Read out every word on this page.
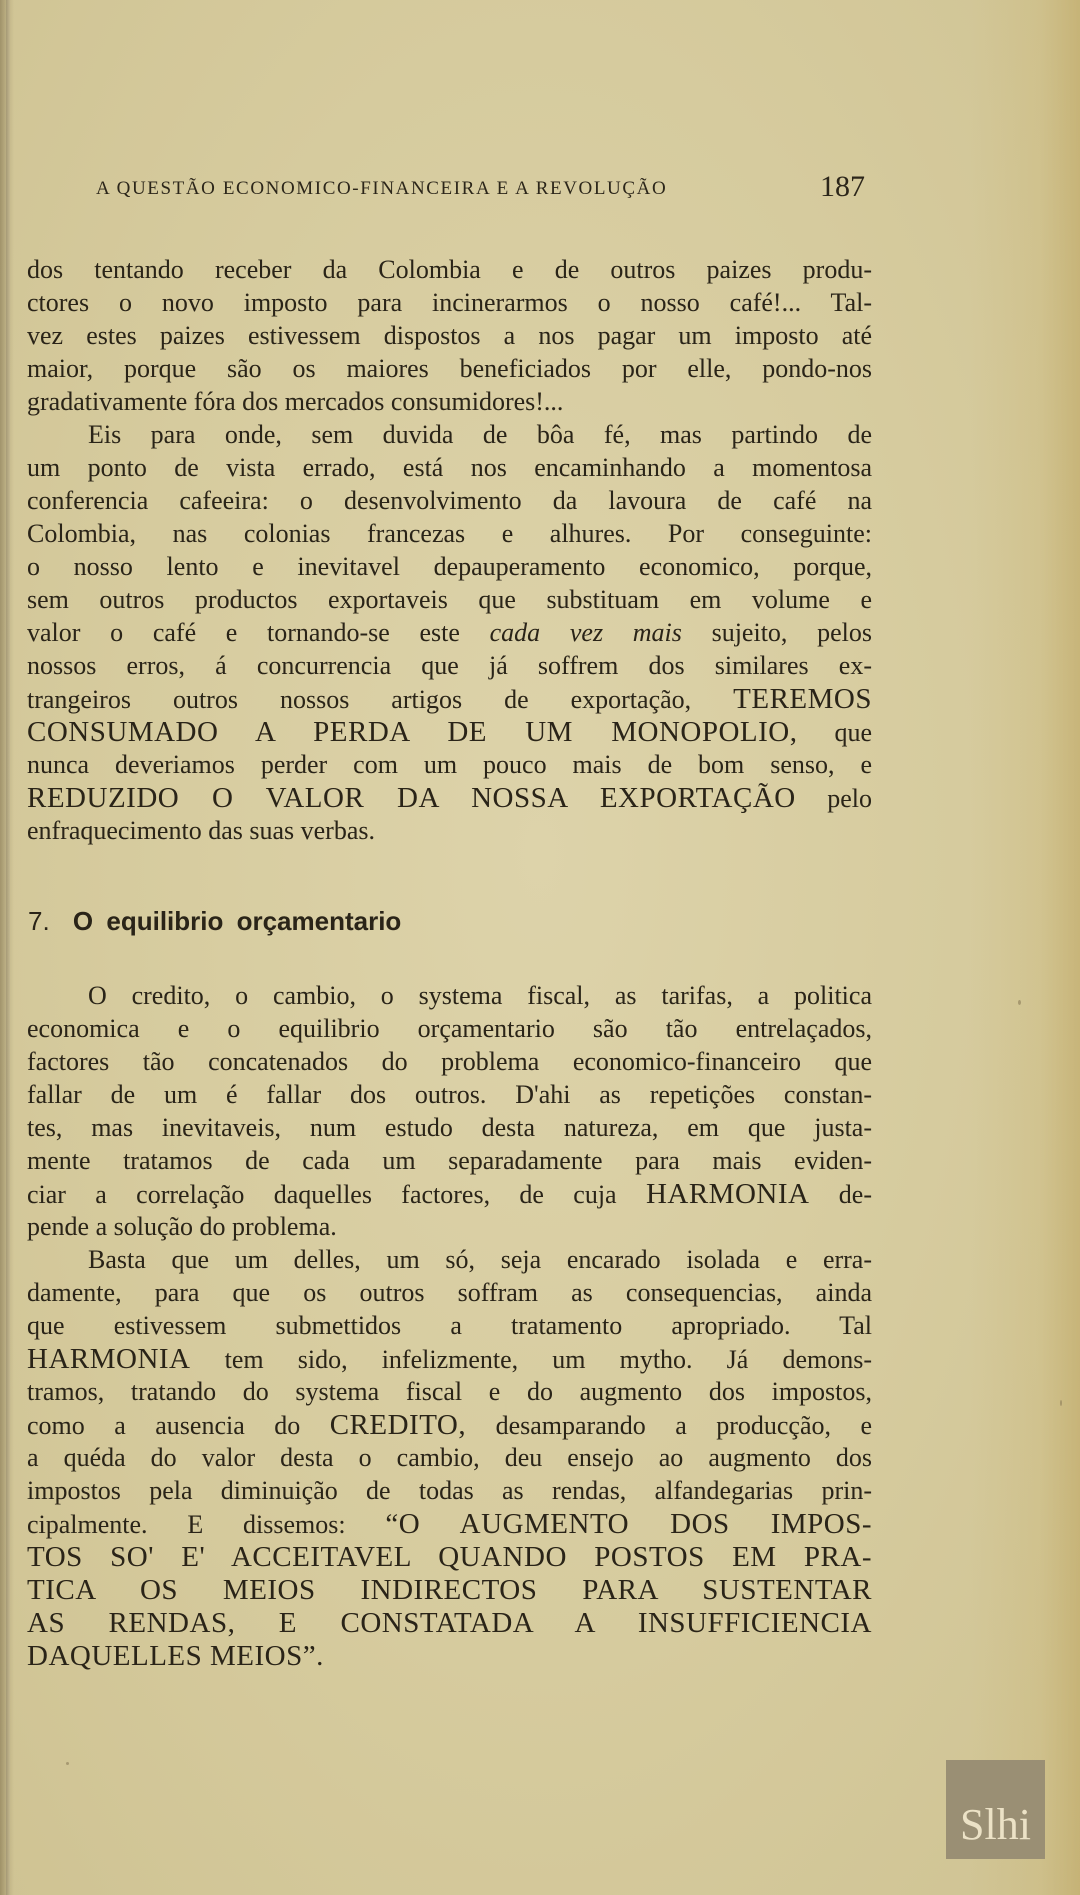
A QUESTÃO ECONOMICO-FINANCEIRA E A REVOLUÇÃO	187
dos tentando receber da Colombia e de outros paizes produ-
ctores o novo imposto para incinerarmos o nosso café!... Tal-
vez estes paizes estivessem dispostos a nos pagar um imposto até
maior, porque são os maiores beneficiados por elle, pondo-nos
gradativamente fóra dos mercados consumidores!...
Eis para onde, sem duvida de bôa fé, mas partindo de
um ponto de vista errado, está nos encaminhando a momentosa
conferencia cafeeira: o desenvolvimento da lavoura de café na
Colombia, nas colonias francezas e alhures. Por conseguinte:
o nosso lento e inevitavel depauperamento economico, porque,
sem outros productos exportaveis que substituam em volume e
valor o café e tornando-se este cada vez mais sujeito, pelos
nossos erros, á concurrencia que já soffrem dos similares ex-
trangeiros outros nossos artigos de exportação, TEREMOS
CONSUMADO A PERDA DE UM MONOPOLIO, que
nunca deveriamos perder com um pouco mais de bom senso, e
REDUZIDO O VALOR DA NOSSA EXPORTAÇÃO pelo
enfraquecimento das suas verbas.
7. O equilibrio orçamentario
O credito, o cambio, o systema fiscal, as tarifas, a politica
economica e o equilibrio orçamentario são tão entrelaçados,
factores tão concatenados do problema economico-financeiro que
fallar de um é fallar dos outros. D'ahi as repetições constan-
tes, mas inevitaveis, num estudo desta natureza, em que justa-
mente tratamos de cada um separadamente para mais eviden-
ciar a correlação daquelles factores, de cuja HARMONIA de-
pende a solução do problema.
Basta que um delles, um só, seja encarado isolada e erra-
damente, para que os outros soffram as consequencias, ainda
que estivessem submettidos a tratamento apropriado. Tal
HARMONIA tem sido, infelizmente, um mytho. Já demons-
tramos, tratando do systema fiscal e do augmento dos impostos,
como a ausencia do CREDITO, desamparando a producção, e
a quéda do valor desta o cambio, deu ensejo ao augmento dos
impostos pela diminuição de todas as rendas, alfandegarias prin-
cipalmente. E dissemos: “O AUGMENTO DOS IMPOS-
TOS SO' E' ACCEITAVEL QUANDO POSTOS EM PRA-
TICA OS MEIOS INDIRECTOS PARA SUSTENTAR
AS RENDAS, E CONSTATADA A INSUFFICIENCIA
DAQUELLES MEIOS”.
Slhi
